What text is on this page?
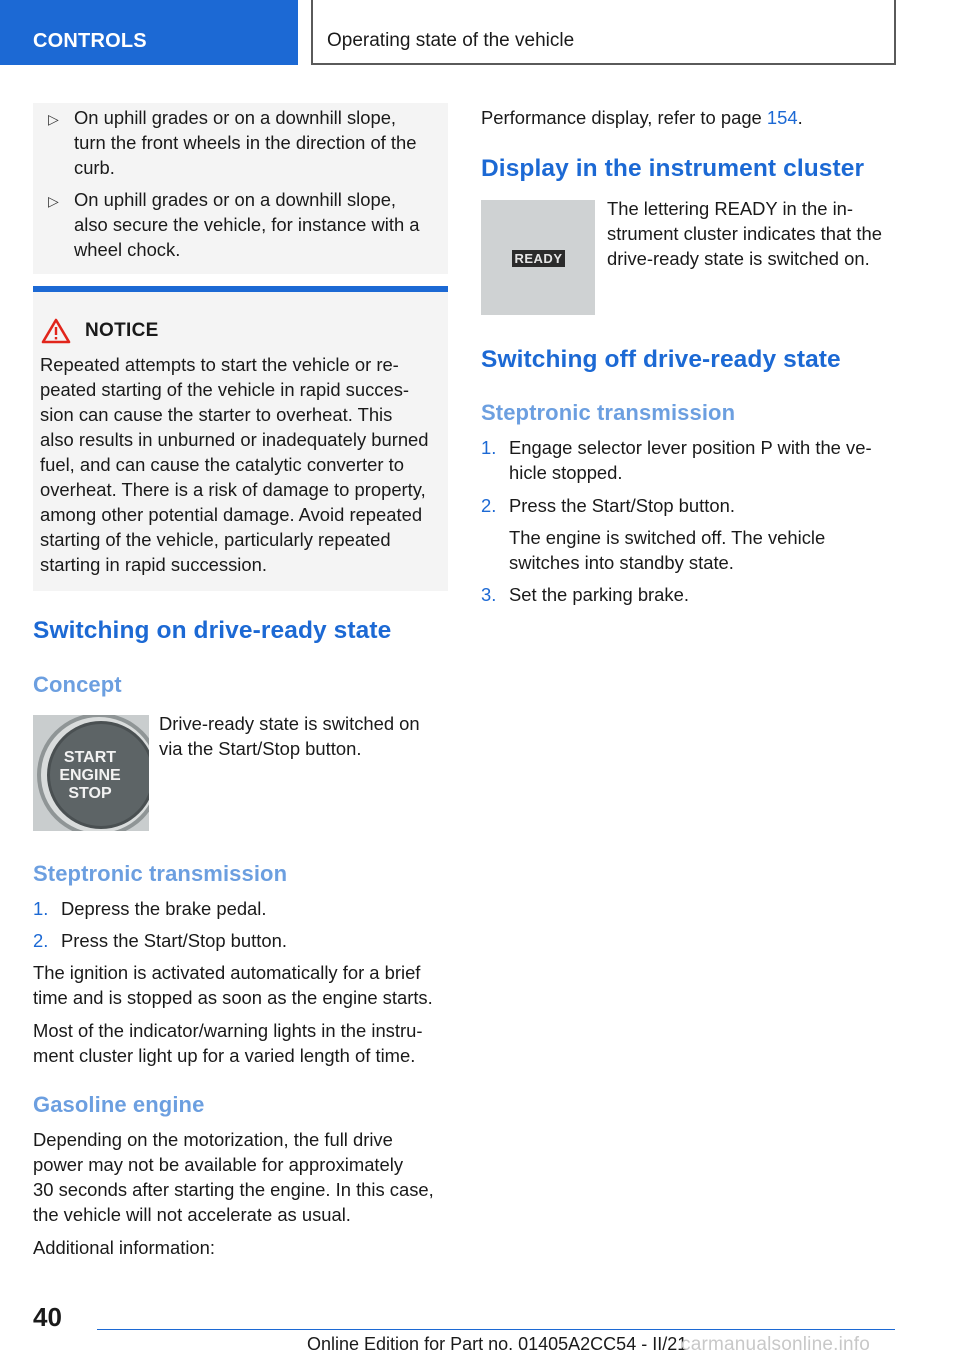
CONTROLS	Operating state of the vehicle
▷ On uphill grades or on a downhill slope,
turn the front wheels in the direction of the
curb.
▷ On uphill grades or on a downhill slope,
also secure the vehicle, for instance with a
wheel chock.
NOTICE
Repeated attempts to start the vehicle or re-
peated starting of the vehicle in rapid succes-
sion can cause the starter to overheat. This
also results in unburned or inadequately burned
fuel, and can cause the catalytic converter to
overheat. There is a risk of damage to property,
among other potential damage. Avoid repeated
starting of the vehicle, particularly repeated
starting in rapid succession.
Switching on drive-ready state
Concept
START
ENGINE
STOP
Drive-ready state is switched on
via the Start/Stop button.
Steptronic transmission
1. Depress the brake pedal.
2. Press the Start/Stop button.
The ignition is activated automatically for a brief
time and is stopped as soon as the engine starts.
Most of the indicator/warning lights in the instru-
ment cluster light up for a varied length of time.
Gasoline engine
Depending on the motorization, the full drive
power may not be available for approximately
30 seconds after starting the engine. In this case,
the vehicle will not accelerate as usual.
Additional information:
Performance display, refer to page 154.
Display in the instrument cluster
READY
The lettering READY in the in-
strument cluster indicates that the
drive-ready state is switched on.
Switching off drive-ready state
Steptronic transmission
1. Engage selector lever position P with the ve-
hicle stopped.
2. Press the Start/Stop button.
The engine is switched off. The vehicle
switches into standby state.
3. Set the parking brake.
40
Online Edition for Part no. 01405A2CC54 - II/21
carmanualsonline.info
